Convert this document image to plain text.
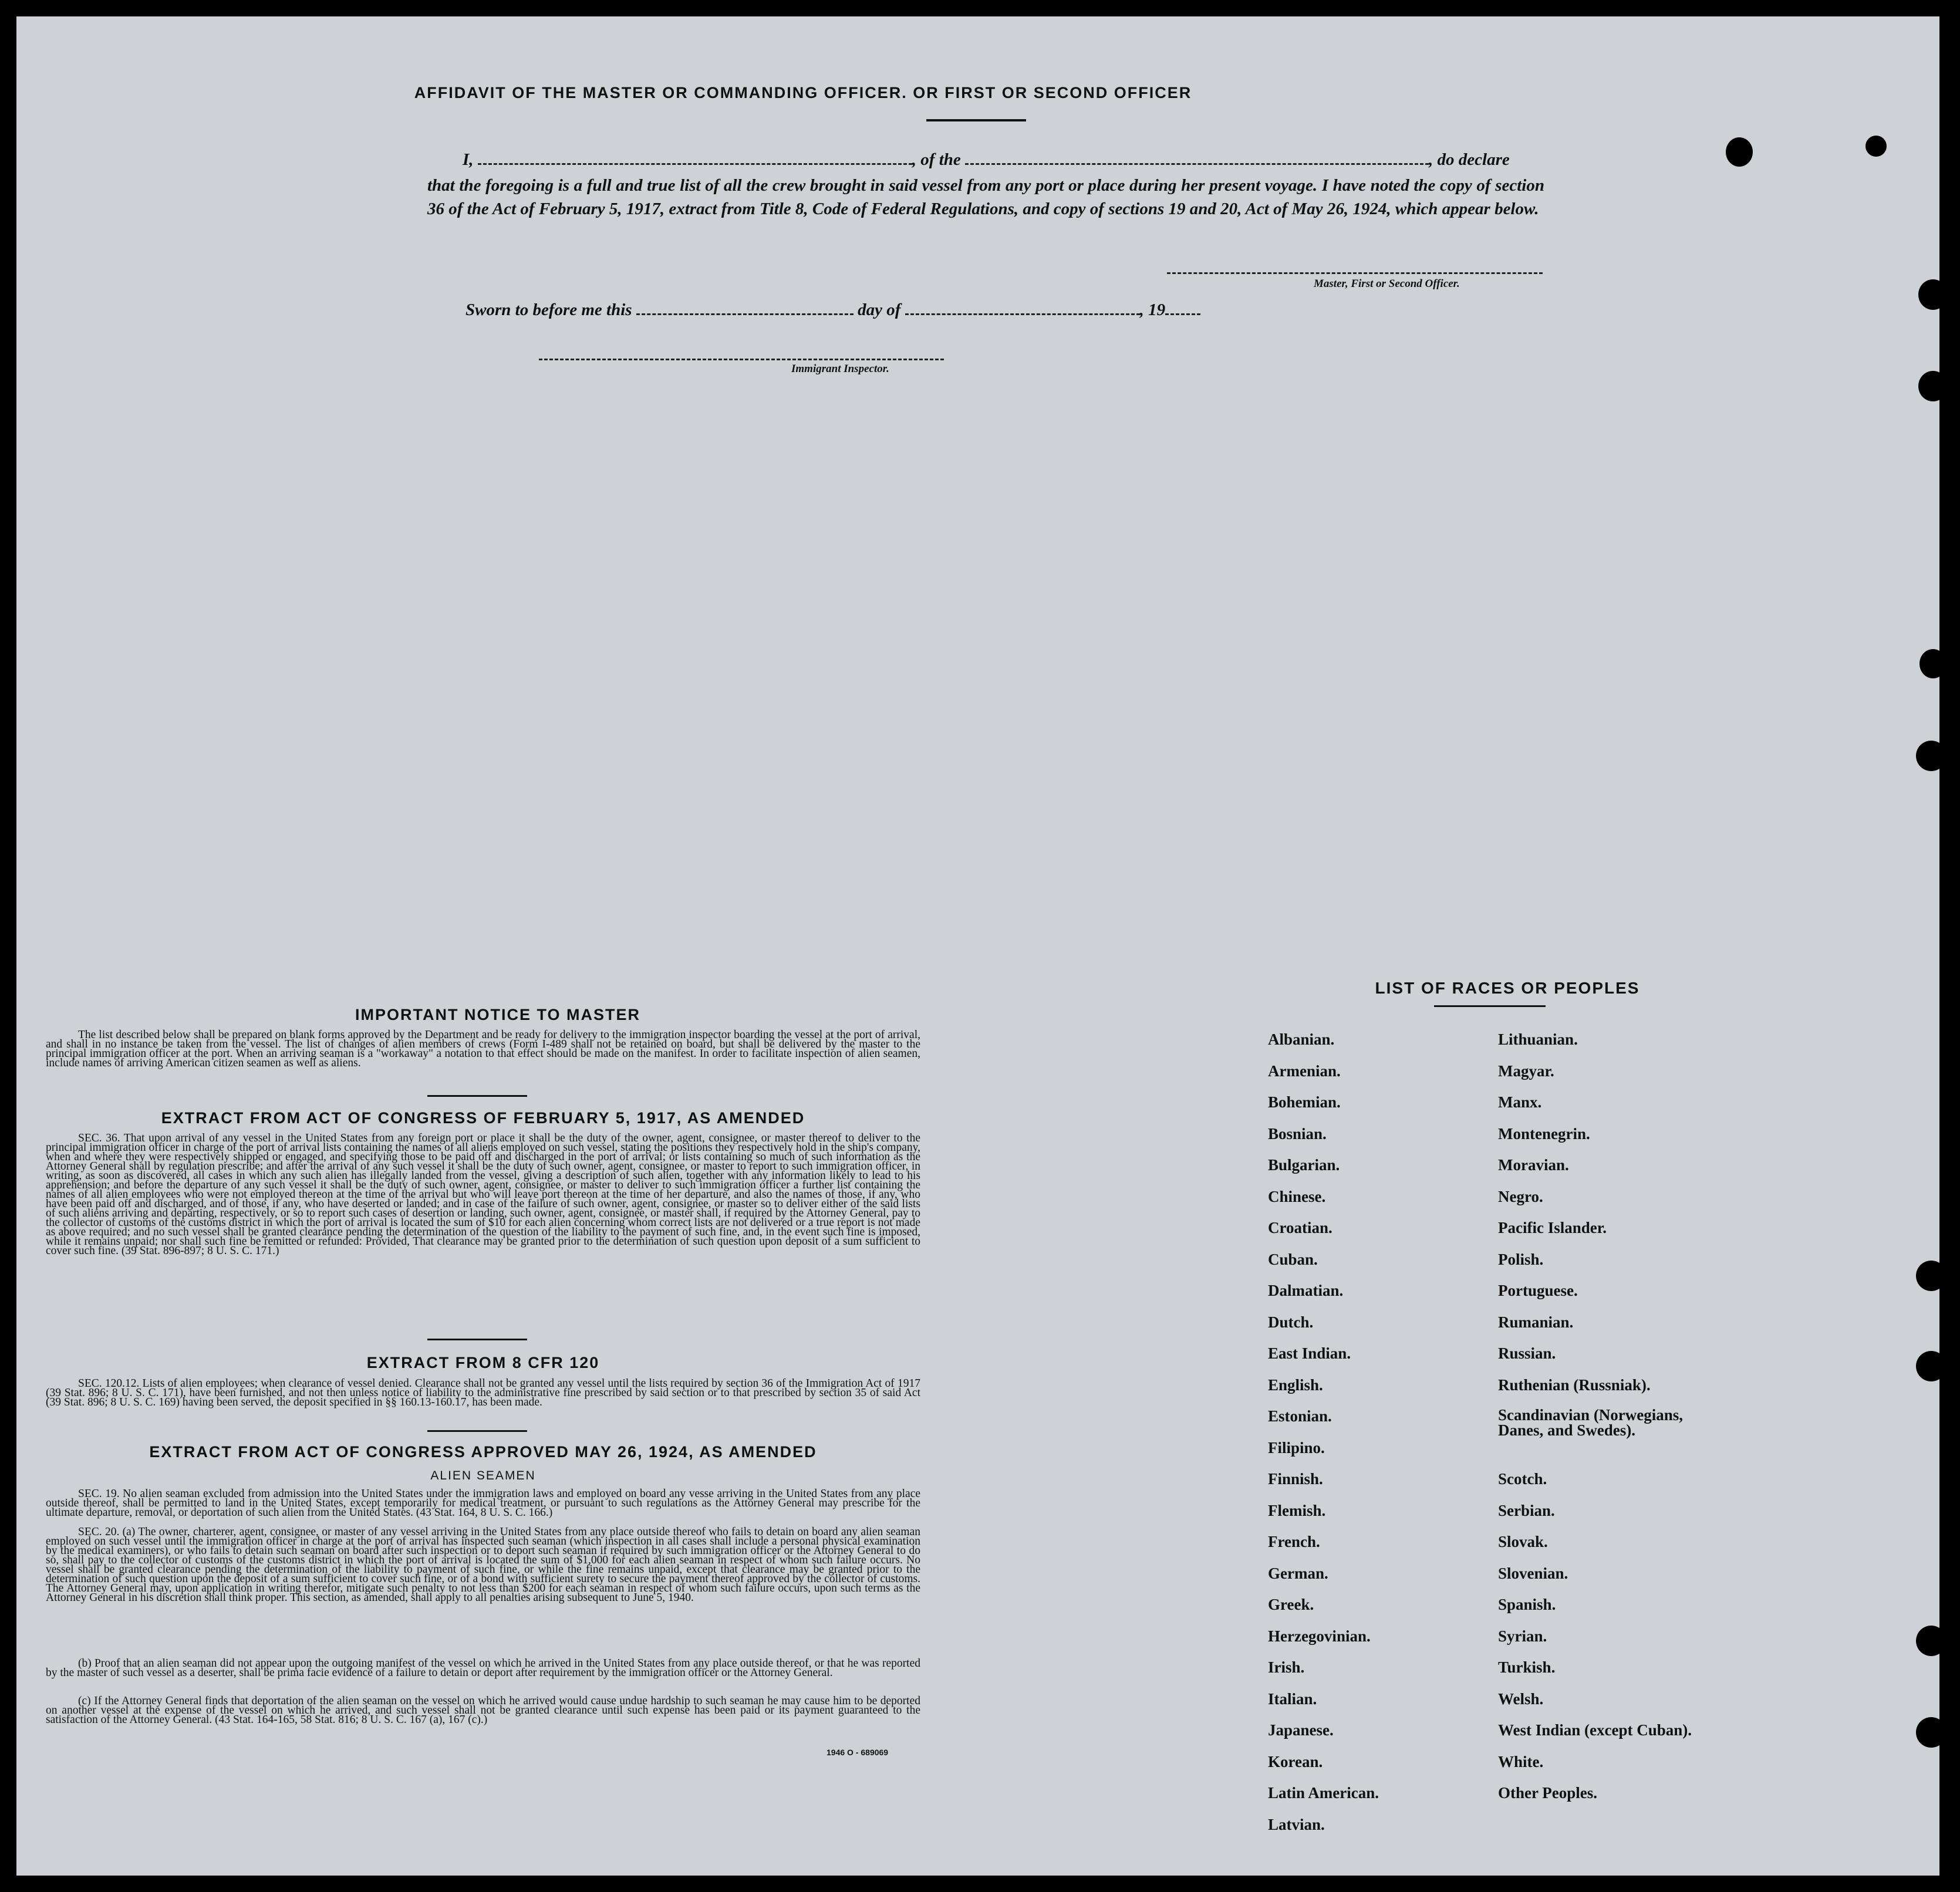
AFFIDAVIT OF THE MASTER OR COMMANDING OFFICER. OR FIRST OR SECOND OFFICER
I,	, of the	, do declare
that the foregoing is a full and true list of all the crew brought in said vessel from any port or place during her present voyage. I have noted the copy of section 36 of the Act of February 5, 1917, extract from Title 8, Code of Federal Regulations, and copy of sections 19 and 20, Act of May 26, 1924, which appear below.
Master, First or Second Officer.
Sworn to before me this	day of	, 19
Immigrant Inspector.
IMPORTANT NOTICE TO MASTER
The list described below shall be prepared on blank forms approved by the Department and be ready for delivery to the immigration inspector boarding the vessel at the port of arrival, and shall in no instance be taken from the vessel. The list of changes of alien members of crews (Form I-489 shall not be retained on board, but shall be delivered by the master to the principal immigration officer at the port. When an arriving seaman is a "workaway" a notation to that effect should be made on the manifest. In order to facilitate inspection of alien seamen, include names of arriving American citizen seamen as well as aliens.
EXTRACT FROM ACT OF CONGRESS OF FEBRUARY 5, 1917, AS AMENDED
SEC. 36. That upon arrival of any vessel in the United States from any foreign port or place it shall be the duty of the owner, agent, consignee, or master thereof to deliver to the principal immigration officer in charge of the port of arrival lists containing the names of all aliens employed on such vessel, stating the positions they respectively hold in the ship's company, when and where they were respectively shipped or engaged, and specifying those to be paid off and discharged in the port of arrival; or lists containing so much of such information as the Attorney General shall by regulation prescribe; and after the arrival of any such vessel it shall be the duty of such owner, agent, consignee, or master to report to such immigration officer, in writing, as soon as discovered, all cases in which any such alien has illegally landed from the vessel, giving a description of such alien, together with any information likely to lead to his apprehension; and before the departure of any such vessel it shall be the duty of such owner, agent, consignee, or master to deliver to such immigration officer a further list containing the names of all alien employees who were not employed thereon at the time of the arrival but who will leave port thereon at the time of her departure, and also the names of those, if any, who have been paid off and discharged, and of those, if any, who have deserted or landed; and in case of the failure of such owner, agent, consignee, or master so to deliver either of the said lists of such aliens arriving and departing, respectively, or so to report such cases of desertion or landing, such owner, agent, consignee, or master shall, if required by the Attorney General, pay to the collector of customs of the customs district in which the port of arrival is located the sum of $10 for each alien concerning whom correct lists are not delivered or a true report is not made as above required; and no such vessel shall be granted clearance pending the determination of the question of the liability to the payment of such fine, and, in the event such fine is imposed, while it remains unpaid; nor shall such fine be remitted or refunded: Provided, That clearance may be granted prior to the determination of such question upon deposit of a sum sufficient to cover such fine. (39 Stat. 896-897; 8 U. S. C. 171.)
EXTRACT FROM 8 CFR 120
SEC. 120.12. Lists of alien employees; when clearance of vessel denied. Clearance shall not be granted any vessel until the lists required by section 36 of the Immigration Act of 1917 (39 Stat. 896; 8 U. S. C. 171), have been furnished, and not then unless notice of liability to the administrative fine prescribed by said section or to that prescribed by section 35 of said Act (39 Stat. 896; 8 U. S. C. 169) having been served, the deposit specified in §§ 160.13-160.17, has been made.
EXTRACT FROM ACT OF CONGRESS APPROVED MAY 26, 1924, AS AMENDED
ALIEN SEAMEN
SEC. 19. No alien seaman excluded from admission into the United States under the immigration laws and employed on board any vesse arriving in the United States from any place outside thereof, shall be permitted to land in the United States, except temporarily for medical treatment, or pursuant to such regulations as the Attorney General may prescribe for the ultimate departure, removal, or deportation of such alien from the United States. (43 Stat. 164, 8 U. S. C. 166.)
SEC. 20. (a) The owner, charterer, agent, consignee, or master of any vessel arriving in the United States from any place outside thereof who fails to detain on board any alien seaman employed on such vessel until the immigration officer in charge at the port of arrival has inspected such seaman (which inspection in all cases shall include a personal physical examination by the medical examiners), or who fails to detain such seaman on board after such inspection or to deport such seaman if required by such immigration officer or the Attorney General to do so, shall pay to the collector of customs of the customs district in which the port of arrival is located the sum of $1,000 for each alien seaman in respect of whom such failure occurs. No vessel shall be granted clearance pending the determination of the liability to payment of such fine, or while the fine remains unpaid, except that clearance may be granted prior to the determination of such question upon the deposit of a sum sufficient to cover such fine, or of a bond with sufficient surety to secure the payment thereof approved by the collector of customs. The Attorney General may, upon application in writing therefor, mitigate such penalty to not less than $200 for each seaman in respect of whom such failure occurs, upon such terms as the Attorney General in his discretion shall think proper. This section, as amended, shall apply to all penalties arising subsequent to June 5, 1940.
(b) Proof that an alien seaman did not appear upon the outgoing manifest of the vessel on which he arrived in the United States from any place outside thereof, or that he was reported by the master of such vessel as a deserter, shall be prima facie evidence of a failure to detain or deport after requirement by the immigration officer or the Attorney General.
(c) If the Attorney General finds that deportation of the alien seaman on the vessel on which he arrived would cause undue hardship to such seaman he may cause him to be deported on another vessel at the expense of the vessel on which he arrived, and such vessel shall not be granted clearance until such expense has been paid or its payment guaranteed to the satisfaction of the Attorney General. (43 Stat. 164-165, 58 Stat. 816; 8 U. S. C. 167 (a), 167 (c).)
1946 O - 689069
LIST OF RACES OR PEOPLES
Albanian.
Armenian.
Bohemian.
Bosnian.
Bulgarian.
Chinese.
Croatian.
Cuban.
Dalmatian.
Dutch.
East Indian.
English.
Estonian.
Filipino.
Finnish.
Flemish.
French.
German.
Greek.
Herzegovinian.
Irish.
Italian.
Japanese.
Korean.
Latin American.
Latvian.
Lithuanian.
Magyar.
Manx.
Montenegrin.
Moravian.
Negro.
Pacific Islander.
Polish.
Portuguese.
Rumanian.
Russian.
Ruthenian (Russniak).
Scandinavian (Norwegians, Danes, and Swedes).
Scotch.
Serbian.
Slovak.
Slovenian.
Spanish.
Syrian.
Turkish.
Welsh.
West Indian (except Cuban).
White.
Other Peoples.
